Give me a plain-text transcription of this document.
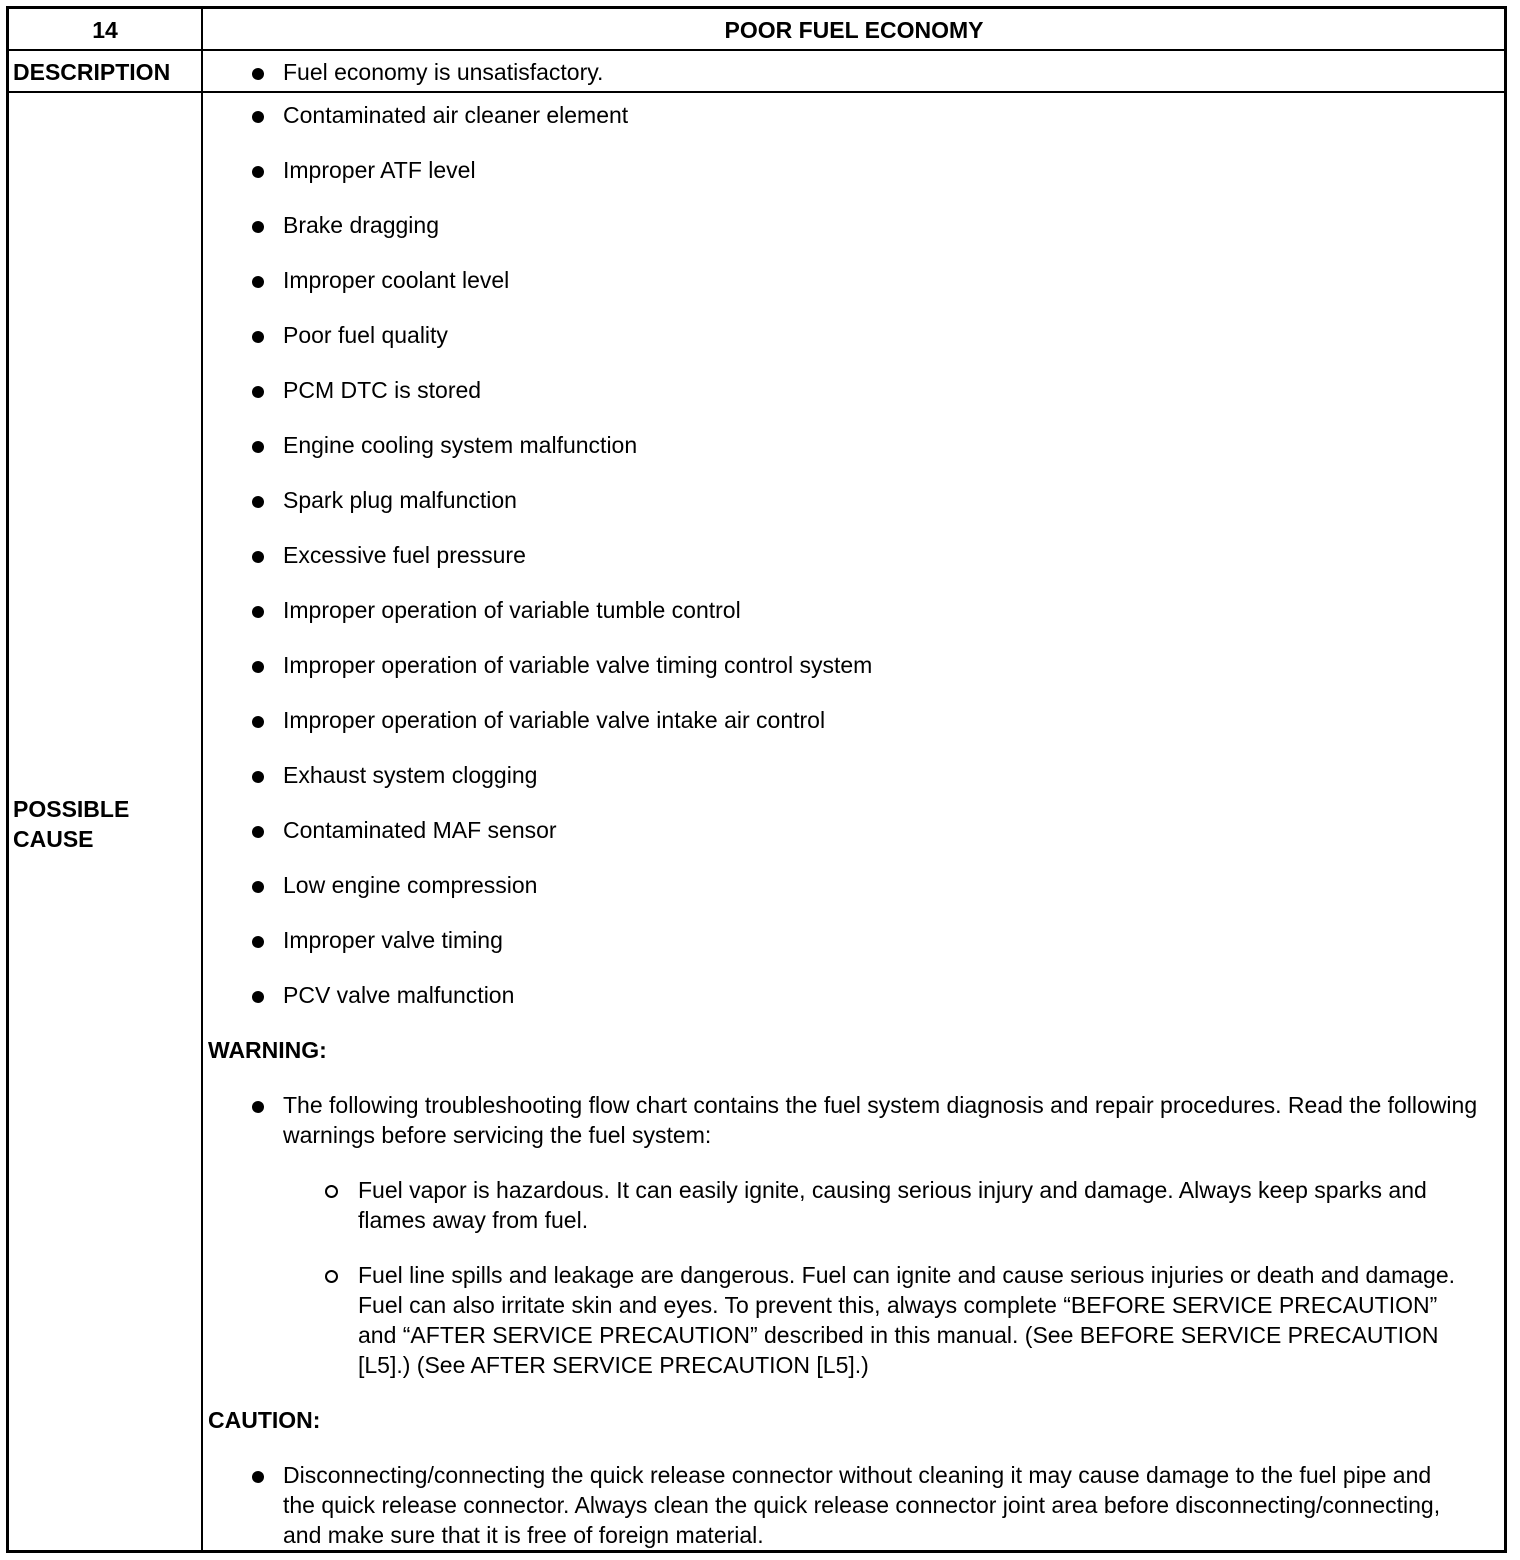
14	POOR FUEL ECONOMY
DESCRIPTION	Fuel economy is unsatisfactory.
POSSIBLE CAUSE
Contaminated air cleaner element
Improper ATF level
Brake dragging
Improper coolant level
Poor fuel quality
PCM DTC is stored
Engine cooling system malfunction
Spark plug malfunction
Excessive fuel pressure
Improper operation of variable tumble control
Improper operation of variable valve timing control system
Improper operation of variable valve intake air control
Exhaust system clogging
Contaminated MAF sensor
Low engine compression
Improper valve timing
PCV valve malfunction
WARNING:
The following troubleshooting flow chart contains the fuel system diagnosis and repair procedures. Read the following warnings before servicing the fuel system:
Fuel vapor is hazardous. It can easily ignite, causing serious injury and damage. Always keep sparks and flames away from fuel.
Fuel line spills and leakage are dangerous. Fuel can ignite and cause serious injuries or death and damage. Fuel can also irritate skin and eyes. To prevent this, always complete “BEFORE SERVICE PRECAUTION” and “AFTER SERVICE PRECAUTION” described in this manual. (See BEFORE SERVICE PRECAUTION [L5].) (See AFTER SERVICE PRECAUTION [L5].)
CAUTION:
Disconnecting/connecting the quick release connector without cleaning it may cause damage to the fuel pipe and the quick release connector. Always clean the quick release connector joint area before disconnecting/connecting, and make sure that it is free of foreign material.
